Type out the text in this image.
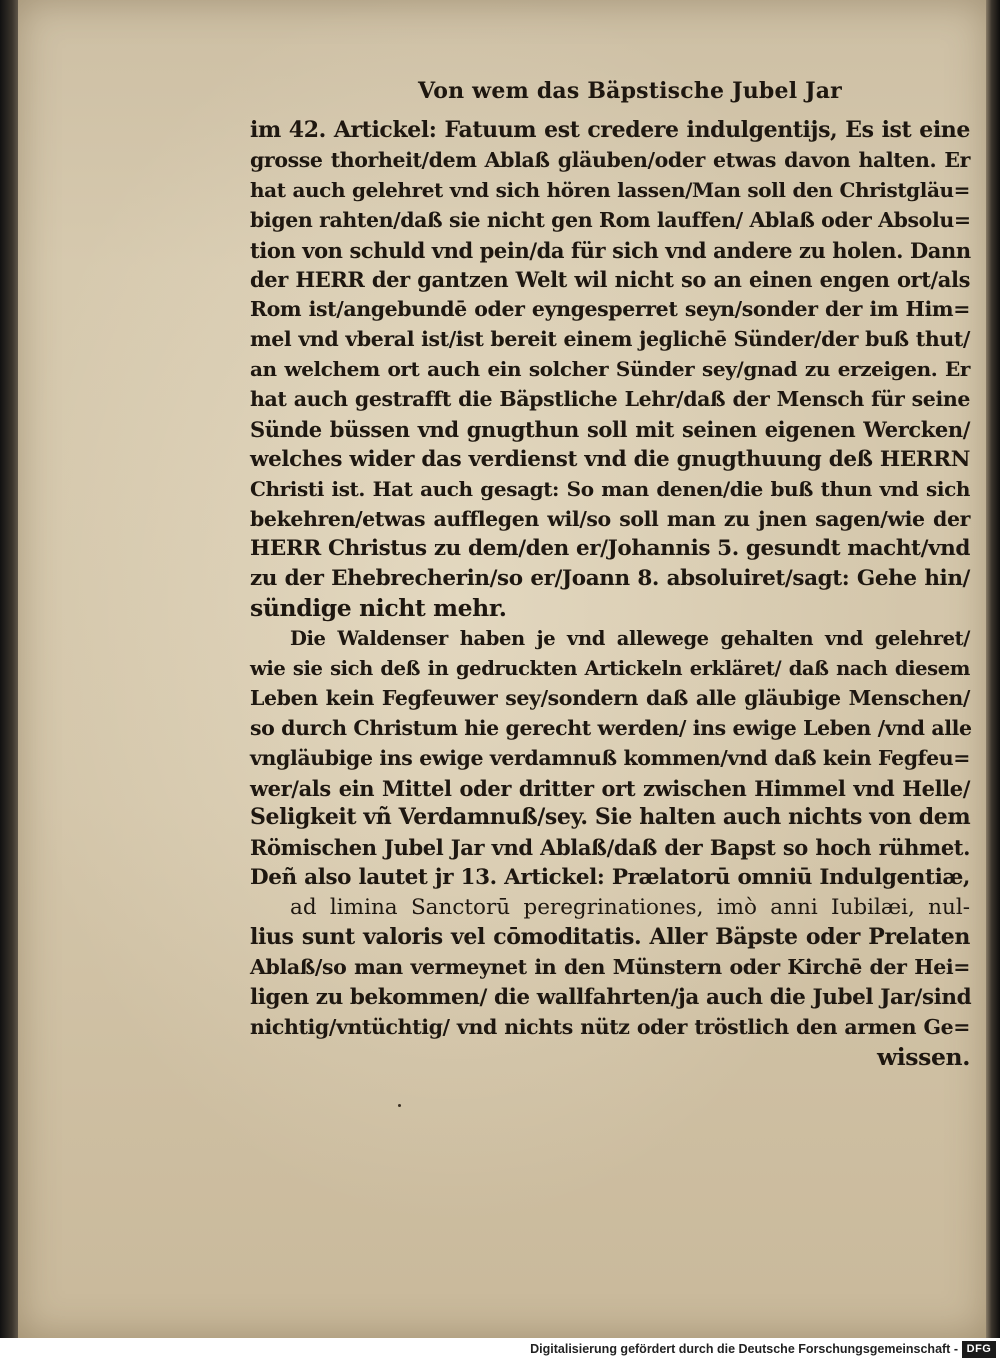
Von wem das Bäpstische Jubel Jar
im 42. Artickel: Fatuum est credere indulgentijs, Es ist eine
grosse thorheit/dem Ablaß gläuben/oder etwas davon halten. Er
hat auch gelehret vnd sich hören lassen/Man soll den Christgläu=
bigen rahten/daß sie nicht gen Rom lauffen/ Ablaß oder Absolu=
tion von schuld vnd pein/da für sich vnd andere zu holen. Dann
der HERR der gantzen Welt wil nicht so an einen engen ort/als
Rom ist/angebundē oder eyngesperret seyn/sonder der im Him=
mel vnd vberal ist/ist bereit einem jeglichē Sünder/der buß thut/
an welchem ort auch ein solcher Sünder sey/gnad zu erzeigen. Er
hat auch gestrafft die Bäpstliche Lehr/daß der Mensch für seine
Sünde büssen vnd gnugthun soll mit seinen eigenen Wercken/
welches wider das verdienst vnd die gnugthuung deß HERRN
Christi ist. Hat auch gesagt: So man denen/die buß thun vnd sich
bekehren/etwas aufflegen wil/so soll man zu jnen sagen/wie der
HERR Christus zu dem/den er/Johannis 5. gesundt macht/vnd
zu der Ehebrecherin/so er/Joann 8. absoluiret/sagt: Gehe hin/
sündige nicht mehr.
Die Waldenser haben je vnd allewege gehalten vnd gelehret/
wie sie sich deß in gedruckten Artickeln erkläret/ daß nach diesem
Leben kein Fegfeuwer sey/sondern daß alle gläubige Menschen/
so durch Christum hie gerecht werden/ ins ewige Leben /vnd alle
vngläubige ins ewige verdamnuß kommen/vnd daß kein Fegfeu=
wer/als ein Mittel oder dritter ort zwischen Himmel vnd Helle/
Seligkeit vñ Verdamnuß/sey. Sie halten auch nichts von dem
Römischen Jubel Jar vnd Ablaß/daß der Bapst so hoch rühmet.
Deñ also lautet jr 13. Artickel: Prælatorū omniū Indulgentiæ,
ad limina Sanctorū peregrinationes, imò anni Iubilæi, nul-
lius sunt valoris vel cōmoditatis. Aller Bäpste oder Prelaten
Ablaß/so man vermeynet in den Münstern oder Kirchē der Hei=
ligen zu bekommen/ die wallfahrten/ja auch die Jubel Jar/sind
nichtig/vntüchtig/ vnd nichts nütz oder tröstlich den armen Ge=
wissen.
Digitalisierung gefördert durch die Deutsche Forschungsgemeinschaft - DFG
